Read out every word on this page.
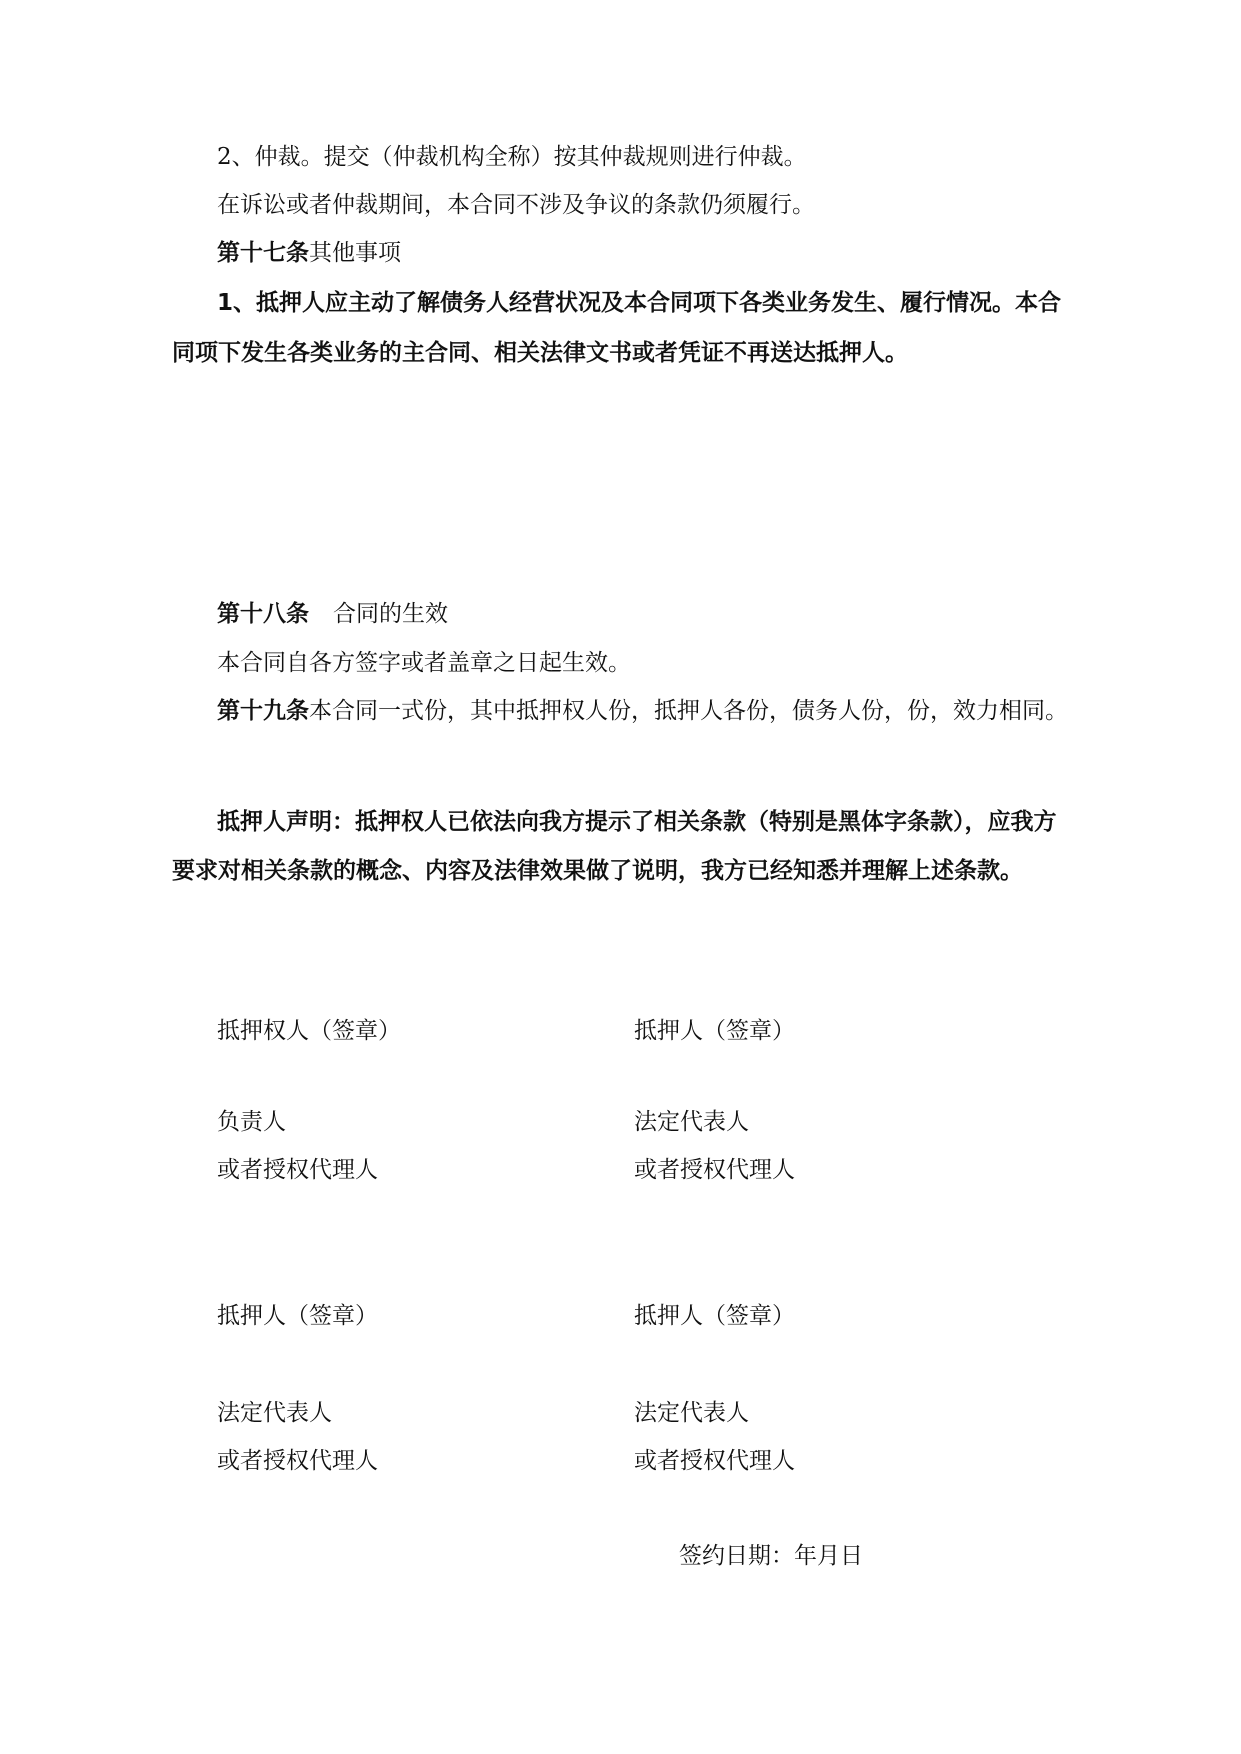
2、仲裁。提交（仲裁机构全称）按其仲裁规则进行仲裁。
在诉讼或者仲裁期间，本合同不涉及争议的条款仍须履行。
第十七条其他事项
1、抵押人应主动了解债务人经营状况及本合同项下各类业务发生、履行情况。本合
同项下发生各类业务的主合同、相关法律文书或者凭证不再送达抵押人。
第十八条 合同的生效
本合同自各方签字或者盖章之日起生效。
第十九条本合同一式份，其中抵押权人份，抵押人各份，债务人份，份，效力相同。
抵押人声明：抵押权人已依法向我方提示了相关条款（特别是黑体字条款），应我方
要求对相关条款的概念、内容及法律效果做了说明，我方已经知悉并理解上述条款。
抵押权人（签章）	抵押人（签章）
负责人	法定代表人
或者授权代理人	或者授权代理人
抵押人（签章）	抵押人（签章）
法定代表人	法定代表人
或者授权代理人	或者授权代理人
签约日期：年月日
